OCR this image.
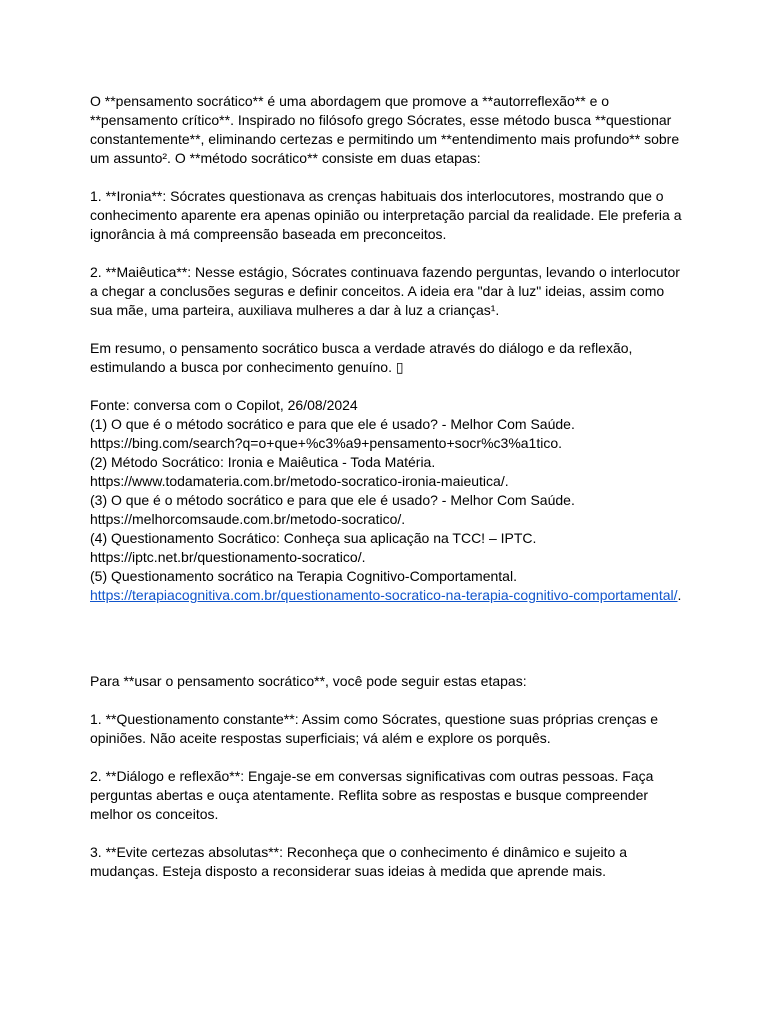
O **pensamento socrático** é uma abordagem que promove a **autorreflexão** e o **pensamento crítico**. Inspirado no filósofo grego Sócrates, esse método busca **questionar constantemente**, eliminando certezas e permitindo um **entendimento mais profundo** sobre um assunto². O **método socrático** consiste em duas etapas:

1. **Ironia**: Sócrates questionava as crenças habituais dos interlocutores, mostrando que o conhecimento aparente era apenas opinião ou interpretação parcial da realidade. Ele preferia a ignorância à má compreensão baseada em preconceitos.

2. **Maiêutica**: Nesse estágio, Sócrates continuava fazendo perguntas, levando o interlocutor a chegar a conclusões seguras e definir conceitos. A ideia era "dar à luz" ideias, assim como sua mãe, uma parteira, auxiliava mulheres a dar à luz a crianças¹.

Em resumo, o pensamento socrático busca a verdade através do diálogo e da reflexão, estimulando a busca por conhecimento genuíno. ▯

Fonte: conversa com o Copilot, 26/08/2024

(1) O que é o método socrático e para que ele é usado? - Melhor Com Saúde.

https://bing.com/search?q=o+que+%c3%a9+pensamento+socr%c3%a1tico.

(2) Método Socrático: Ironia e Maiêutica - Toda Matéria.

https://www.todamateria.com.br/metodo-socratico-ironia-maieutica/.

(3) O que é o método socrático e para que ele é usado? - Melhor Com Saúde.

https://melhorcomsaude.com.br/metodo-socratico/.

(4) Questionamento Socrático: Conheça sua aplicação na TCC! – IPTC.

https://iptc.net.br/questionamento-socratico/.

(5) Questionamento socrático na Terapia Cognitivo-Comportamental.

https://terapiacognitiva.com.br/questionamento-socratico-na-terapia-cognitivo-comportamental/.

Para **usar o pensamento socrático**, você pode seguir estas etapas:

1. **Questionamento constante**: Assim como Sócrates, questione suas próprias crenças e opiniões. Não aceite respostas superficiais; vá além e explore os porquês.

2. **Diálogo e reflexão**: Engaje-se em conversas significativas com outras pessoas. Faça perguntas abertas e ouça atentamente. Reflita sobre as respostas e busque compreender melhor os conceitos.

3. **Evite certezas absolutas**: Reconheça que o conhecimento é dinâmico e sujeito a mudanças. Esteja disposto a reconsiderar suas ideias à medida que aprende mais.
